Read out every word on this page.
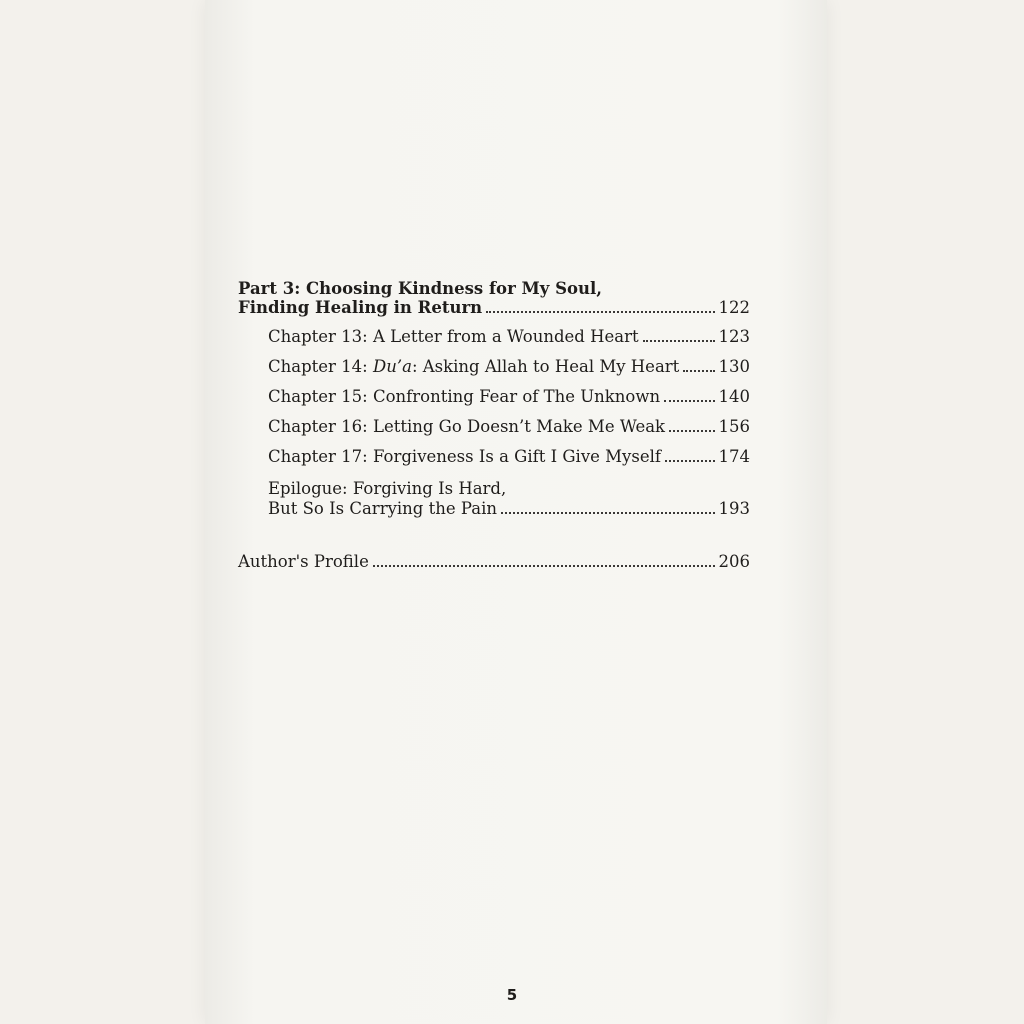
Part 3: Choosing Kindness for My Soul,
Finding Healing in Return	122
Chapter 13: A Letter from a Wounded Heart	123
Chapter 14: Du’a: Asking Allah to Heal My Heart 130
Chapter 15: Confronting Fear of The Unknown	140
Chapter 16: Letting Go Doesn’t Make Me Weak	156
Chapter 17: Forgiveness Is a Gift I Give Myself	174
Epilogue: Forgiving Is Hard,
But So Is Carrying the Pain	193
Author's Profile	206
5
